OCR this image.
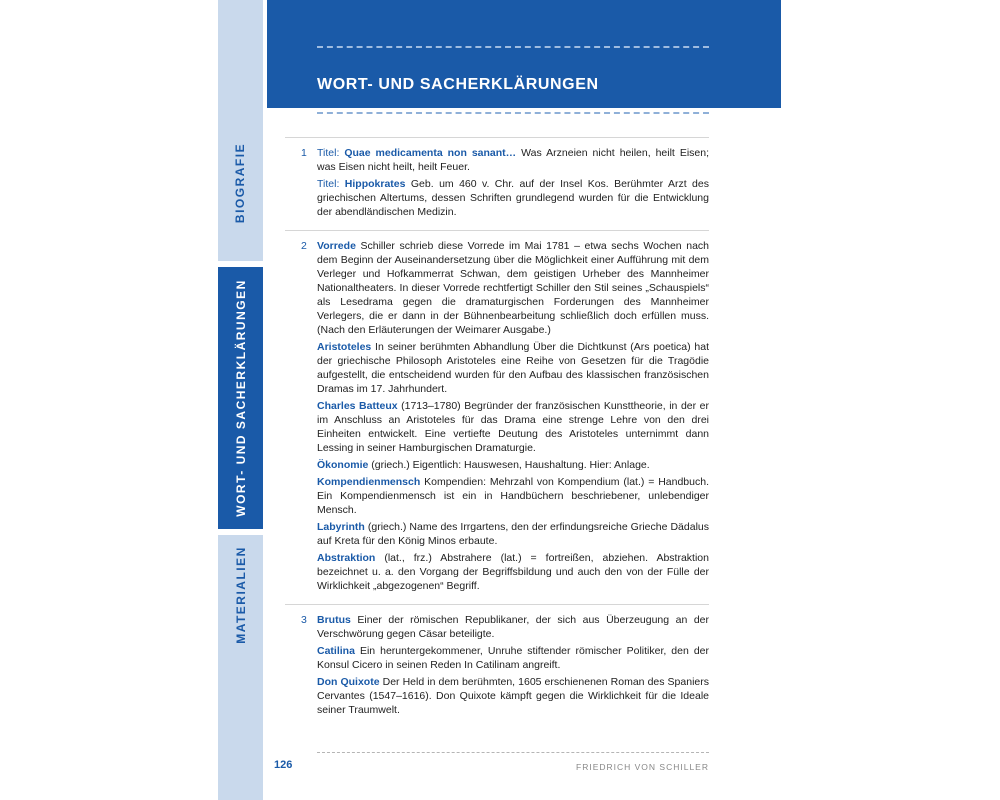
BIOGRAFIE
WORT- UND SACHERKLÄRUNGEN
MATERIALIEN
WORT- UND SACHERKLÄRUNGEN
1 Titel: Quae medicamenta non sanant… Was Arzneien nicht heilen, heilt Eisen; was Eisen nicht heilt, heilt Feuer.

Titel: Hippokrates Geb. um 460 v. Chr. auf der Insel Kos. Berühmter Arzt des griechischen Altertums, dessen Schriften grundlegend wurden für die Entwicklung der abendländischen Medizin.

2 Vorrede Schiller schrieb diese Vorrede im Mai 1781 – etwa sechs Wochen nach dem Beginn der Auseinandersetzung über die Möglichkeit einer Aufführung mit dem Verleger und Hofkammerrat Schwan, dem geistigen Urheber des Mannheimer Nationaltheaters. In dieser Vorrede rechtfertigt Schiller den Stil seines „Schauspiels“ als Lesedrama gegen die dramaturgischen Forderungen des Mannheimer Verlegers, die er dann in der Bühnenbearbeitung schließlich doch erfüllen muss. (Nach den Erläuterungen der Weimarer Ausgabe.)

Aristoteles In seiner berühmten Abhandlung Über die Dichtkunst (Ars poetica) hat der griechische Philosoph Aristoteles eine Reihe von Gesetzen für die Tragödie aufgestellt, die entscheidend wurden für den Aufbau des klassischen französischen Dramas im 17. Jahrhundert.

Charles Batteux (1713–1780) Begründer der französischen Kunsttheorie, in der er im Anschluss an Aristoteles für das Drama eine strenge Lehre von den drei Einheiten entwickelt. Eine vertiefte Deutung des Aristoteles unternimmt dann Lessing in seiner Hamburgischen Dramaturgie.

Ökonomie (griech.) Eigentlich: Hauswesen, Haushaltung. Hier: Anlage.

Kompendienmensch Kompendien: Mehrzahl von Kompendium (lat.) = Handbuch. Ein Kompendienmensch ist ein in Handbüchern beschriebener, unlebendiger Mensch.

Labyrinth (griech.) Name des Irrgartens, den der erfindungsreiche Grieche Dädalus auf Kreta für den König Minos erbaute.

Abstraktion (lat., frz.) Abstrahere (lat.) = fortreißen, abziehen. Abstraktion bezeichnet u. a. den Vorgang der Begriffsbildung und auch den von der Fülle der Wirklichkeit „abgezogenen“ Begriff.

3 Brutus Einer der römischen Republikaner, der sich aus Überzeugung an der Verschwörung gegen Cäsar beteiligte.

Catilina Ein heruntergekommener, Unruhe stiftender römischer Politiker, den der Konsul Cicero in seinen Reden In Catilinam angreift.

Don Quixote Der Held in dem berühmten, 1605 erschienenen Roman des Spaniers Cervantes (1547–1616). Don Quixote kämpft gegen die Wirklichkeit für die Ideale seiner Traumwelt.

126	FRIEDRICH VON SCHILLER
